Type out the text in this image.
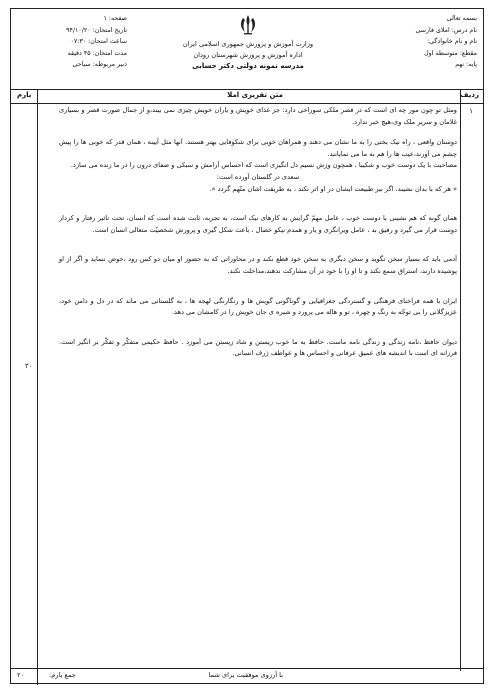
بسمه تعالی
نام درس: املای فارسی
نام و نام خانوادگی:
مقطع: متوسطه اول
پایه: نهم
وزارت آموزش و پرورش جمهوری اسلامی ایران
اداره آموزش و پرورش شهرستان رودان
مدرسه نمونه دولتی دکتر حسابی
صفحه: ۱
تاریخ امتحان: ۹۴/۱۰/۲۰
ساعت امتحان: ۰۷:۳۰
مدت امتحان: ۴۵ دقیقه
دبیر مربوطه: سیاحی
ردیف
متن تقریری املا
بارم
۱
۲۰

ومثل تو چون مور چه ای است که در قصر ملکی سوراخی دارد: جز غذای خویش و یاران خویش چیزی نمی بیند،و از جمال صورت قصر و بسیاری غلامان و سریر ملک وی،هیچ خبر ندارد.

دوستان واقعی ، راه نیک بختی را به ما نشان می دهند و همراهان خوبی برای شکوفایی بهتر هستند. آنها مثل آیینه ، همان قدر که خوبی ها را پیش چشم می آورند،عیب ها را هم به ما می نمایانند.

مصاحبت با یک دوست خوب و شکیبا ، همچون وزش نسیم دل انگیزی است که احساس آرامش و سبکی و صفای درون را در ما زنده می سازد.

سعدی در گلستان آورده است:

« هر که با بدان نشیند، اگر نیز طبیعت ایشان در او اثر نکند ، به طریقت اشان متّهم گردد ».

همان گونه که هم نشینی با دوست خوب ، عامل مهمّ گرایش به کارهای نیک است، به تجربه، ثابت شده است که انسان، تحت تاثیر رفتار و کردار دوست قرار می گیرد و رفیق بد ، عامل ویرانگری و یار و همدم نیکو خصال ، باعث شکل گیری و پرورش شخصیّت متعالی انسان است.

آدمی باید که بسیار سخن نگوید و سخن دیگری به سخن خود قطع نکند و در محاوراتی که به حضور او میان دو کس رود ،خوض ننماید و اگر از او پوشیده دارند، استراق سمع نکند و تا او را با خود در آن مشارکت ندهند،مداخلت نکند.

ایران با همه فراخنای فرهنگی و گستردگی جغرافیایی و گوناگونی گویش ها و رنگارنگی لهجه ها ، به گلستانی می ماند که در دل و دامن خود، عزیزگلانی را بی توجّه به رنگ و چهره ، تو و هاله می پرورد و شیره ی جان خویش را در کامشان می دهد.

دیوان حافظ ،نامه زندگی و زندگی نامه ماست. حافظ به ما خوب زیستن و شاد زیستن می آموزد . حافظ حکیمی متفکّر و تفکّر بر انگیز است. فرزانه ای است با اندیشه های عمیق عرفانی و احساس ها و عواطف ژرف انسانی.

با آرزوی موفقیت برای شما
جمع بارم:
۲۰
